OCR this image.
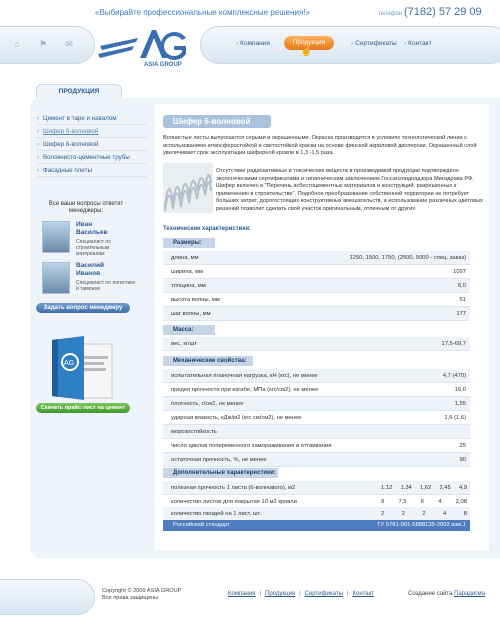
«Выбирайте профессиональные комплексные решения!»	телефон (7182) 57 29 09
⌂ ⚑ ✉
ASIA GROUP
› Компания	Продукция	› Сертификаты	› Контакт
☝
ПРОДУКЦИЯ
› Цемент в таре и навалом
› Шифер 6-волновой
› Шифер 8-волновой
› Волокнисто-цементные трубы
› Фасадные плиты
Все ваши вопросы ответят менеджеры:
Иван
Васильев
Специалист по строительным материалам
Василий
Иванов
Специалист по логистике и таможне
Задать вопрос менеджеру
AG
Скачать прайс-лист на цемент
Шифер 6-волновой
Волнистые листы выпускаются серыми и окрашенными. Окраска производится в условиях технологической линии с использованием атмосферостойкой и светостойкой краски на основе финской акриловой дисперсии. Окрашенный слой увеличивает срок эксплуатации шиферной кровли в 1,3 -1,5 раза.
Отсутствие радиоактивных и токсических веществ в производимой продукции подтверждено экологическими сертификатами и гигиеническим заключением Госсанэпиднадзора Минздрава РФ. Шифер включен в "Перечень асбестоцементных материалов и конструкций, разрешенных к применению в строительстве". Подобное преобразование собственной территории не потребует больших затрат, дорогостоящих конструктивных вмешательств, а использование различных цветовых решений позволит сделать свой участок оригинальным, отличным от других.
Технические характеристики:
Размеры:
длина, мм	1250, 1500, 1750, (2500, 5000 - спец. заказ)
ширина, мм	1097
толщина, мм	6,0
высота волны, мм	51
шаг волны, мм	177
Масса:
вес, кг/шт	17,5-69,7
Механические свойства:
испытательная планочная нагрузка, кН (кгс), не менее	4,7 (470)
предел прочности при изгибе, МПа (кгс/см2), не менее	16,0
плотность, г/см2, не менее	1,55
ударная вязкость, кДж/м2 (кгс см/см2), не менее	1,6 (1,6)
морозостойкость
число циклов попеременного замораживания и оттаивания	25
остаточная прочность, %, не менее	90
Дополнительные характеристики:
полезная прочность 1 листа (6-волнового), м2	1,12 1,34 1,62 2,45 4,9
количество листов для покрытия 10 м2 кровли	9 7,5 6 4 2,08
количество гвоздей на 1 лист, шт.	2	2	2	4	8
Российский стандарт	ТУ 5781-001-5888135-2002 изм.1
Copyright © 2009 ASIA GROUP
Все права защищены
Компания | Продукция | Сертификаты | Контакт	Создание сайта Парадигма
